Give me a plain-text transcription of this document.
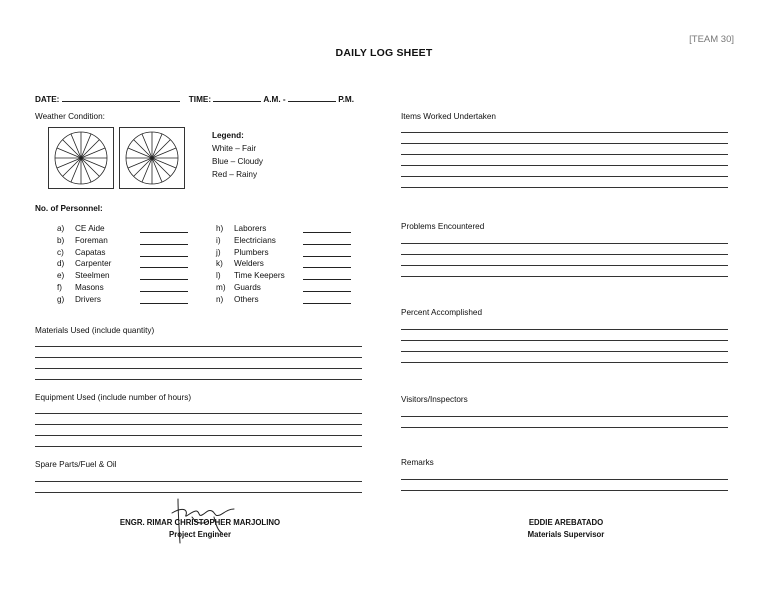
[TEAM 30]
DAILY LOG SHEET
DATE:	TIME:	A.M. -	P.M.
Weather Condition:
Legend:
White – Fair
Blue – Cloudy
Red – Rainy
No. of Personnel:
a) CE Aide
b) Foreman
c) Capatas
d) Carpenter
e) Steelmen
f) Masons
g) Drivers
h) Laborers
i) Electricians
j) Plumbers
k) Welders
l) Time Keepers
m) Guards
n) Others
Materials Used (include quantity)
Equipment Used (include number of hours)
Spare Parts/Fuel & Oil
Items Worked Undertaken
Problems Encountered
Percent Accomplished
Visitors/Inspectors
Remarks
ENGR. RIMAR CHRISTOPHER MARJOLINO
Project Engineer
EDDIE AREBATADO
Materials Supervisor
